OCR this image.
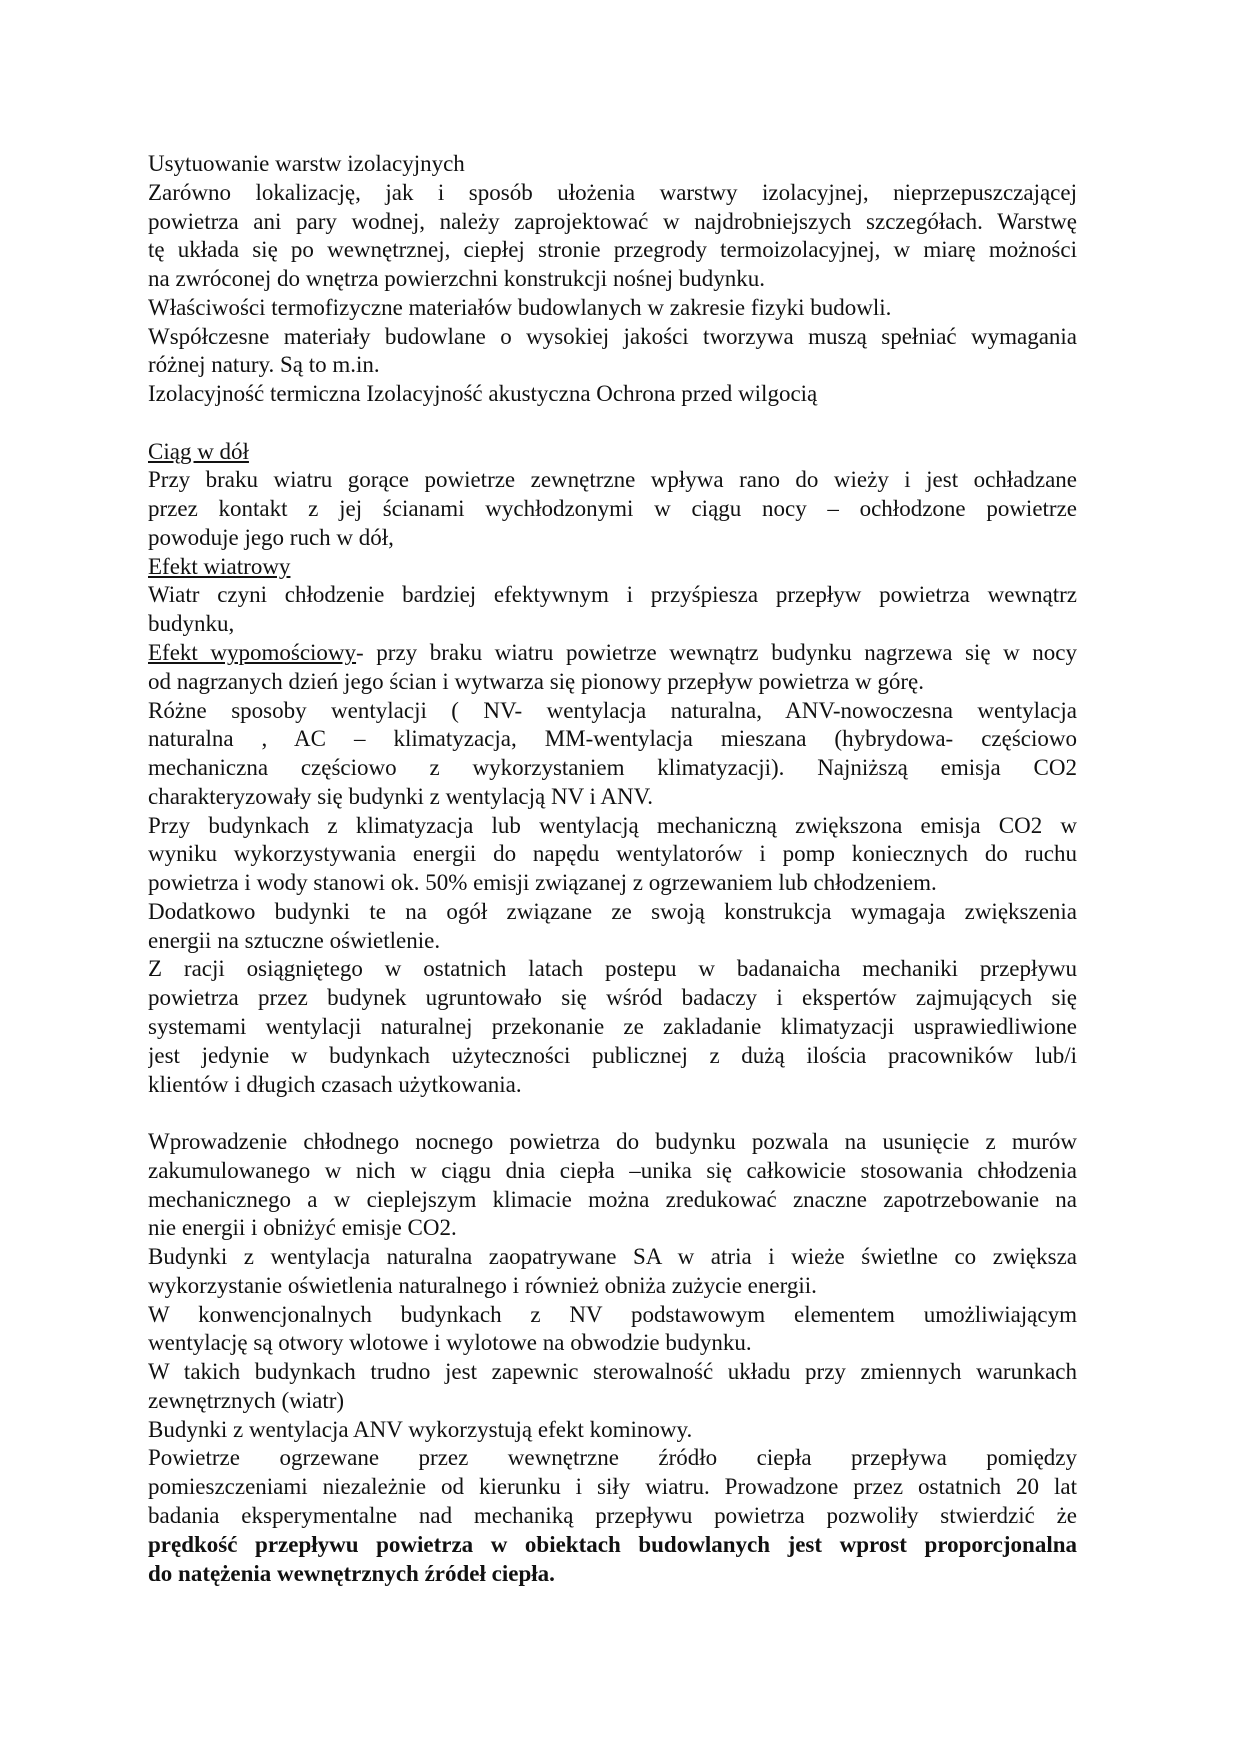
Usytuowanie warstw izolacyjnych
Zarówno lokalizację, jak i sposób ułożenia warstwy izolacyjnej, nieprzepuszczającej
powietrza ani pary wodnej, należy zaprojektować w najdrobniejszych szczegółach. Warstwę
tę układa się po wewnętrznej, ciepłej stronie przegrody termoizolacyjnej, w miarę możności
na zwróconej do wnętrza powierzchni konstrukcji nośnej budynku.
Właściwości termofizyczne materiałów budowlanych w zakresie fizyki budowli.
Współczesne materiały budowlane o wysokiej jakości tworzywa muszą spełniać wymagania
różnej natury. Są to m.in.
Izolacyjność termiczna Izolacyjność akustyczna Ochrona przed wilgocią
Ciąg w dół
Przy braku wiatru gorące powietrze zewnętrzne wpływa rano do wieży i jest ochładzane
przez kontakt z jej ścianami wychłodzonymi w ciągu nocy – ochłodzone powietrze
powoduje jego ruch w dół,
Efekt wiatrowy
Wiatr czyni chłodzenie bardziej efektywnym i przyśpiesza przepływ powietrza wewnątrz
budynku,
Efekt wypomościowy- przy braku wiatru powietrze wewnątrz budynku nagrzewa się w nocy
od nagrzanych dzień jego ścian i wytwarza się pionowy przepływ powietrza w górę.
Różne sposoby wentylacji ( NV- wentylacja naturalna, ANV-nowoczesna wentylacja
naturalna , AC – klimatyzacja, MM-wentylacja mieszana (hybrydowa- częściowo
mechaniczna częściowo z wykorzystaniem klimatyzacji). Najniższą emisja CO2
charakteryzowały się budynki z wentylacją NV i ANV.
Przy budynkach z klimatyzacja lub wentylacją mechaniczną zwiększona emisja CO2 w
wyniku wykorzystywania energii do napędu wentylatorów i pomp koniecznych do ruchu
powietrza i wody stanowi ok. 50% emisji związanej z ogrzewaniem lub chłodzeniem.
Dodatkowo budynki te na ogół związane ze swoją konstrukcja wymagaja zwiększenia
energii na sztuczne oświetlenie.
Z racji osiągniętego w ostatnich latach postepu w badanaicha mechaniki przepływu
powietrza przez budynek ugruntowało się wśród badaczy i ekspertów zajmujących się
systemami wentylacji naturalnej przekonanie ze zakladanie klimatyzacji usprawiedliwione
jest jedynie w budynkach użyteczności publicznej z dużą ilościa pracowników lub/i
klientów i długich czasach użytkowania.
Wprowadzenie chłodnego nocnego powietrza do budynku pozwala na usunięcie z murów
zakumulowanego w nich w ciągu dnia ciepła –unika się całkowicie stosowania chłodzenia
mechanicznego a w cieplejszym klimacie można zredukować znaczne zapotrzebowanie na
nie energii i obniżyć emisje CO2.
Budynki z wentylacja naturalna zaopatrywane SA w atria i wieże świetlne co zwiększa
wykorzystanie oświetlenia naturalnego i również obniża zużycie energii.
W konwencjonalnych budynkach z NV podstawowym elementem umożliwiającym
wentylację są otwory wlotowe i wylotowe na obwodzie budynku.
W takich budynkach trudno jest zapewnic sterowalność układu przy zmiennych warunkach
zewnętrznych (wiatr)
Budynki z wentylacja ANV wykorzystują efekt kominowy.
Powietrze ogrzewane przez wewnętrzne źródło ciepła przepływa pomiędzy
pomieszczeniami niezależnie od kierunku i siły wiatru. Prowadzone przez ostatnich 20 lat
badania eksperymentalne nad mechaniką przepływu powietrza pozwoliły stwierdzić że
prędkość przepływu powietrza w obiektach budowlanych jest wprost proporcjonalna
do natężenia wewnętrznych źródeł ciepła.
